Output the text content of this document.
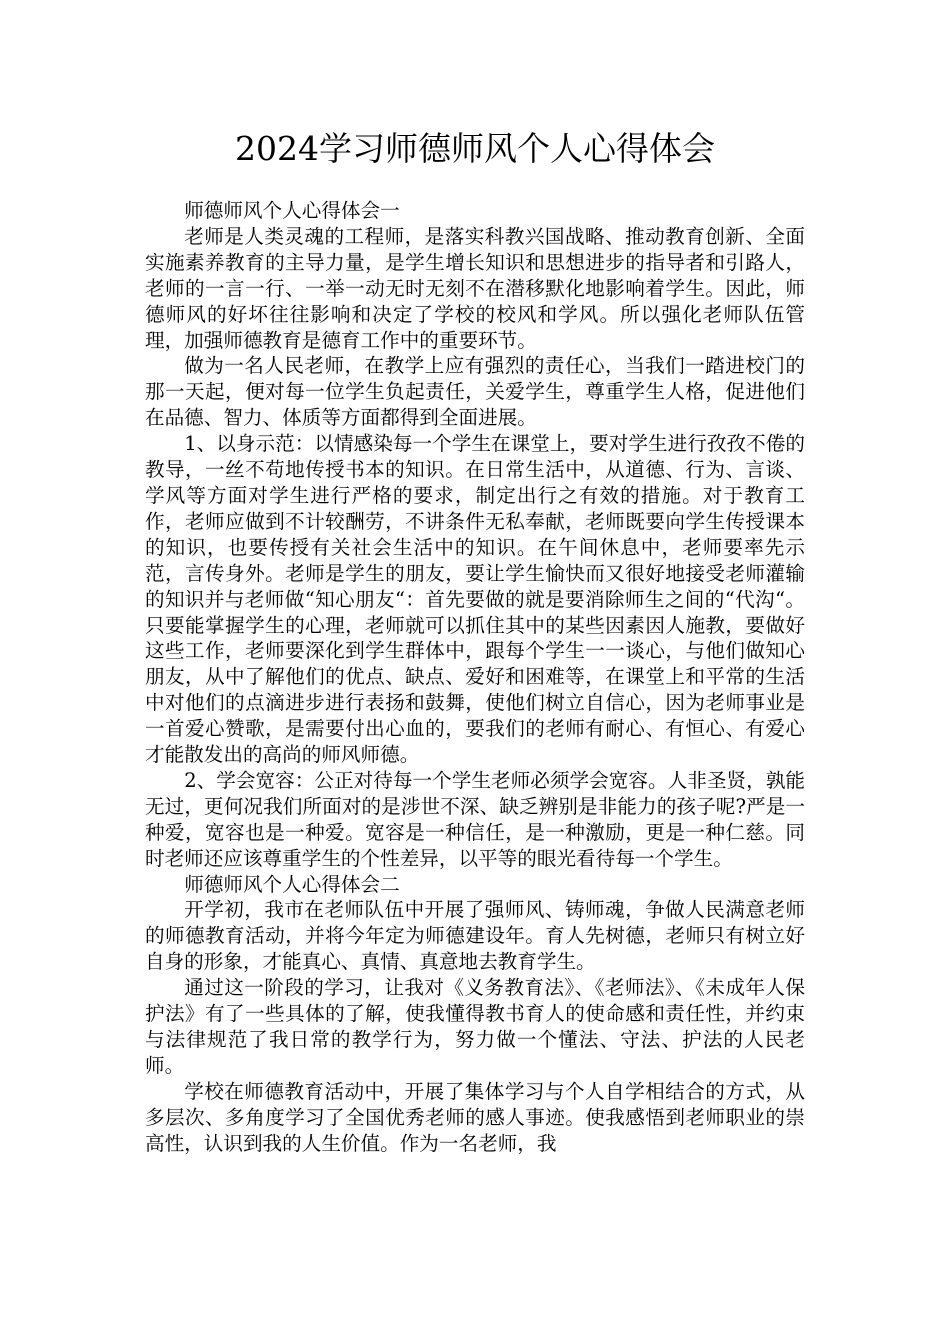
2024学习师德师风个人心得体会

师德师风个人心得体会一

老师是人类灵魂的工程师，是落实科教兴国战略、推动教育创新、全面实施素养教育的主导力量，是学生增长知识和思想进步的指导者和引路人，老师的一言一行、一举一动无时无刻不在潜移默化地影响着学生。因此，师德师风的好坏往往影响和决定了学校的校风和学风。所以强化老师队伍管理，加强师德教育是德育工作中的重要环节。

做为一名人民老师，在教学上应有强烈的责任心，当我们一踏进校门的那一天起，便对每一位学生负起责任，关爱学生，尊重学生人格，促进他们在品德、智力、体质等方面都得到全面进展。

1、以身示范：以情感染每一个学生在课堂上，要对学生进行孜孜不倦的教导，一丝不苟地传授书本的知识。在日常生活中，从道德、行为、言谈、学风等方面对学生进行严格的要求，制定出行之有效的措施。对于教育工作，老师应做到不计较酬劳，不讲条件无私奉献，老师既要向学生传授课本的知识，也要传授有关社会生活中的知识。在午间休息中，老师要率先示范，言传身外。老师是学生的朋友，要让学生愉快而又很好地接受老师灌输的知识并与老师做“知心朋友“：首先要做的就是要消除师生之间的“代沟“。只要能掌握学生的心理，老师就可以抓住其中的某些因素因人施教，要做好这些工作，老师要深化到学生群体中，跟每个学生一一谈心，与他们做知心朋友，从中了解他们的优点、缺点、爱好和困难等，在课堂上和平常的生活中对他们的点滴进步进行表扬和鼓舞，使他们树立自信心，因为老师事业是一首爱心赞歌，是需要付出心血的，要我们的老师有耐心、有恒心、有爱心才能散发出的高尚的师风师德。

2、学会宽容：公正对待每一个学生老师必须学会宽容。人非圣贤，孰能无过，更何况我们所面对的是涉世不深、缺乏辨别是非能力的孩子呢?严是一种爱，宽容也是一种爱。宽容是一种信任，是一种激励，更是一种仁慈。同时老师还应该尊重学生的个性差异，以平等的眼光看待每一个学生。

师德师风个人心得体会二

开学初，我市在老师队伍中开展了强师风、铸师魂，争做人民满意老师的师德教育活动，并将今年定为师德建设年。育人先树德，老师只有树立好自身的形象，才能真心、真情、真意地去教育学生。

通过这一阶段的学习，让我对《义务教育法》、《老师法》、《未成年人保护法》有了一些具体的了解，使我懂得教书育人的使命感和责任性，并约束与法律规范了我日常的教学行为，努力做一个懂法、守法、护法的人民老师。

学校在师德教育活动中，开展了集体学习与个人自学相结合的方式，从多层次、多角度学习了全国优秀老师的感人事迹。使我感悟到老师职业的崇高性，认识到我的人生价值。作为一名老师，我
